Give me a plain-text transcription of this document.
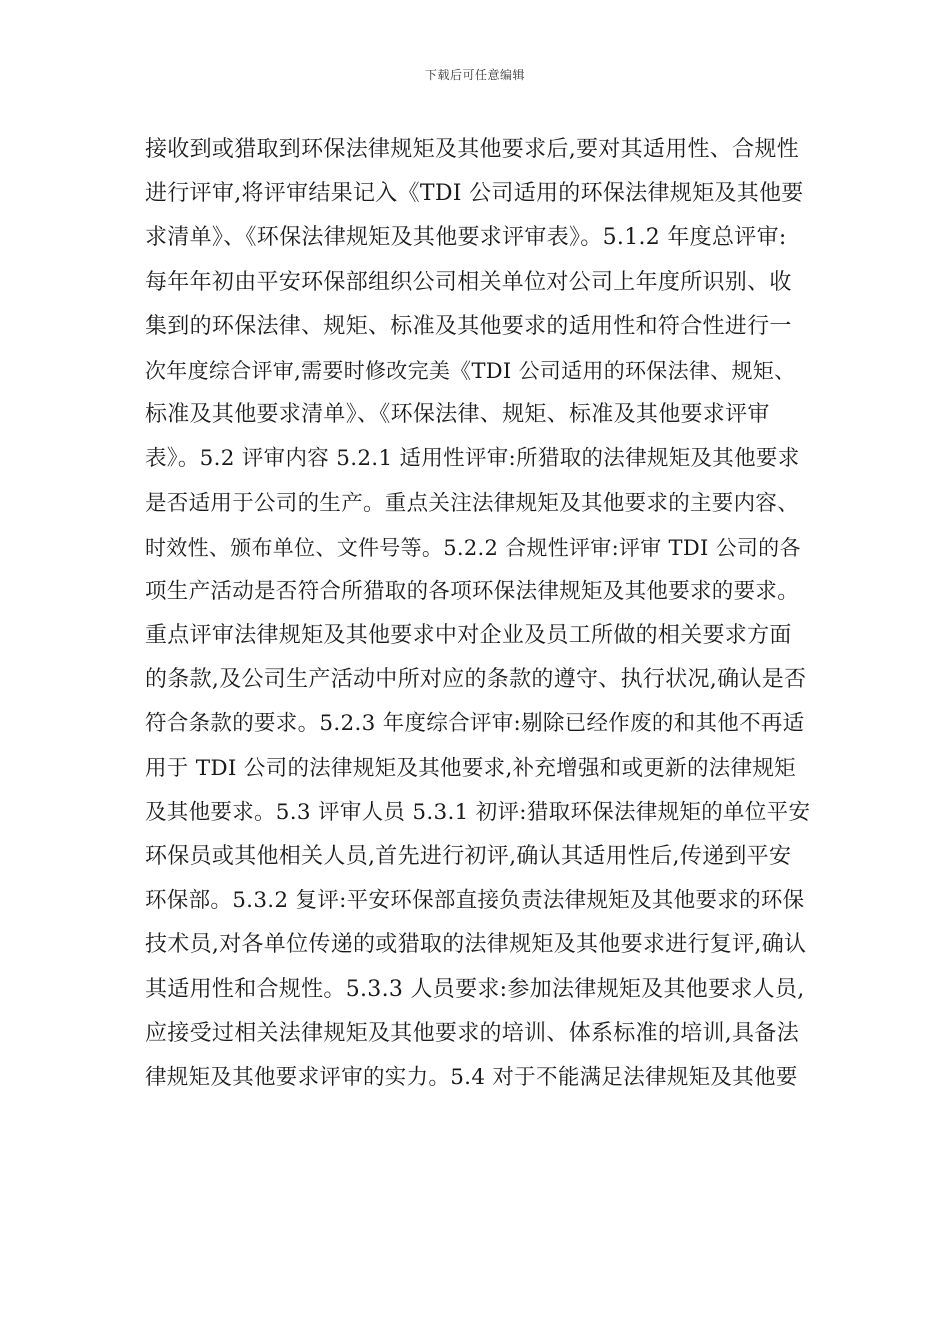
下载后可任意编辑
接收到或猎取到环保法律规矩及其他要求后,要对其适用性、合规性
进行评审,将评审结果记入《TDI 公司适用的环保法律规矩及其他要
求清单》、《环保法律规矩及其他要求评审表》。5.1.2 年度总评审:
每年年初由平安环保部组织公司相关单位对公司上年度所识别、收
集到的环保法律、规矩、标准及其他要求的适用性和符合性进行一
次年度综合评审,需要时修改完美《TDI 公司适用的环保法律、规矩、
标准及其他要求清单》、《环保法律、规矩、标准及其他要求评审
表》。5.2 评审内容 5.2.1 适用性评审:所猎取的法律规矩及其他要求
是否适用于公司的生产。重点关注法律规矩及其他要求的主要内容、
时效性、颁布单位、文件号等。5.2.2 合规性评审:评审 TDI 公司的各
项生产活动是否符合所猎取的各项环保法律规矩及其他要求的要求。
重点评审法律规矩及其他要求中对企业及员工所做的相关要求方面
的条款,及公司生产活动中所对应的条款的遵守、执行状况,确认是否
符合条款的要求。5.2.3 年度综合评审:剔除已经作废的和其他不再适
用于 TDI 公司的法律规矩及其他要求,补充增强和或更新的法律规矩
及其他要求。5.3 评审人员 5.3.1 初评:猎取环保法律规矩的单位平安
环保员或其他相关人员,首先进行初评,确认其适用性后,传递到平安
环保部。5.3.2 复评:平安环保部直接负责法律规矩及其他要求的环保
技术员,对各单位传递的或猎取的法律规矩及其他要求进行复评,确认
其适用性和合规性。5.3.3 人员要求:参加法律规矩及其他要求人员,
应接受过相关法律规矩及其他要求的培训、体系标准的培训,具备法
律规矩及其他要求评审的实力。5.4 对于不能满足法律规矩及其他要
